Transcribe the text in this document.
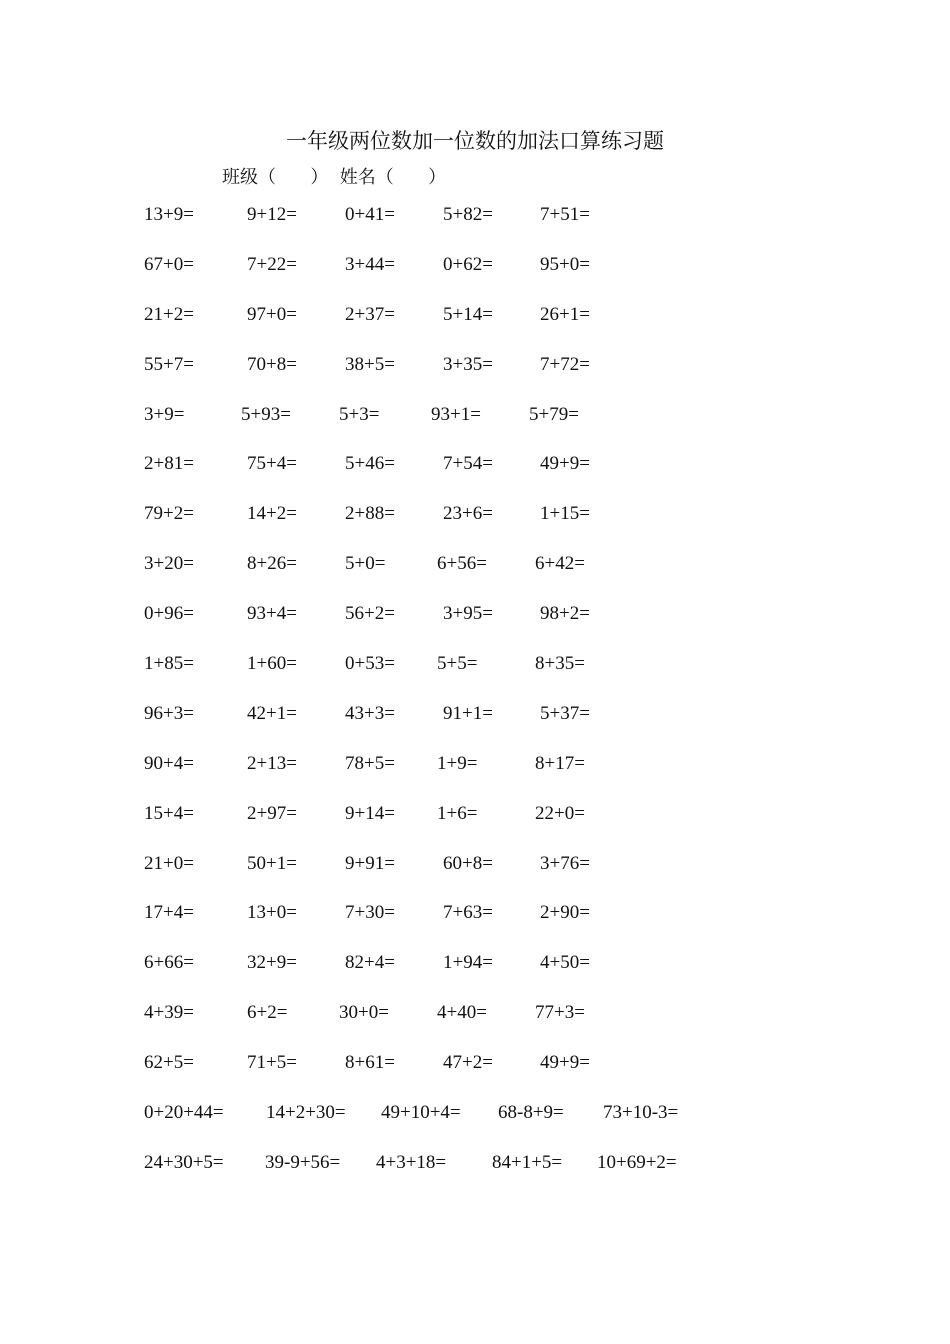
一年级两位数加一位数的加法口算练习题
班级（      ） 姓名（      ）
13+9=	9+12=	0+41=	5+82= 7+51=
67+0=	7+22=	3+44=	0+62= 95+0=
21+2=	97+0=	2+37=	5+14= 26+1=
55+7=	70+8=	38+5=	3+35= 7+72=
3+9=	5+93=	5+3=	93+1=	5+79=
2+81=	75+4=	5+46=	7+54= 49+9=
79+2=	14+2=	2+88=	23+6= 1+15=
3+20=	8+26=	5+0=	6+56=	6+42=
0+96=	93+4=	56+2=	3+95= 98+2=
1+85=	1+60=	0+53= 5+5=	8+35=
96+3=	42+1=	43+3=	91+1= 5+37=
90+4=	2+13=	78+5= 1+9=	8+17=
15+4=	2+97=	9+14= 1+6=	22+0=
21+0=	50+1=	9+91=	60+8= 3+76=
17+4=	13+0=	7+30=	7+63= 2+90=
6+66=	32+9=	82+4=	1+94= 4+50=
4+39=	6+2=	30+0=	4+40=	77+3=
62+5=	71+5=	8+61=	47+2= 49+9=
0+20+44= 14+2+30= 49+10+4= 68-8+9= 73+10-3=
24+30+5= 39-9+56= 4+3+18= 84+1+5= 10+69+2=
